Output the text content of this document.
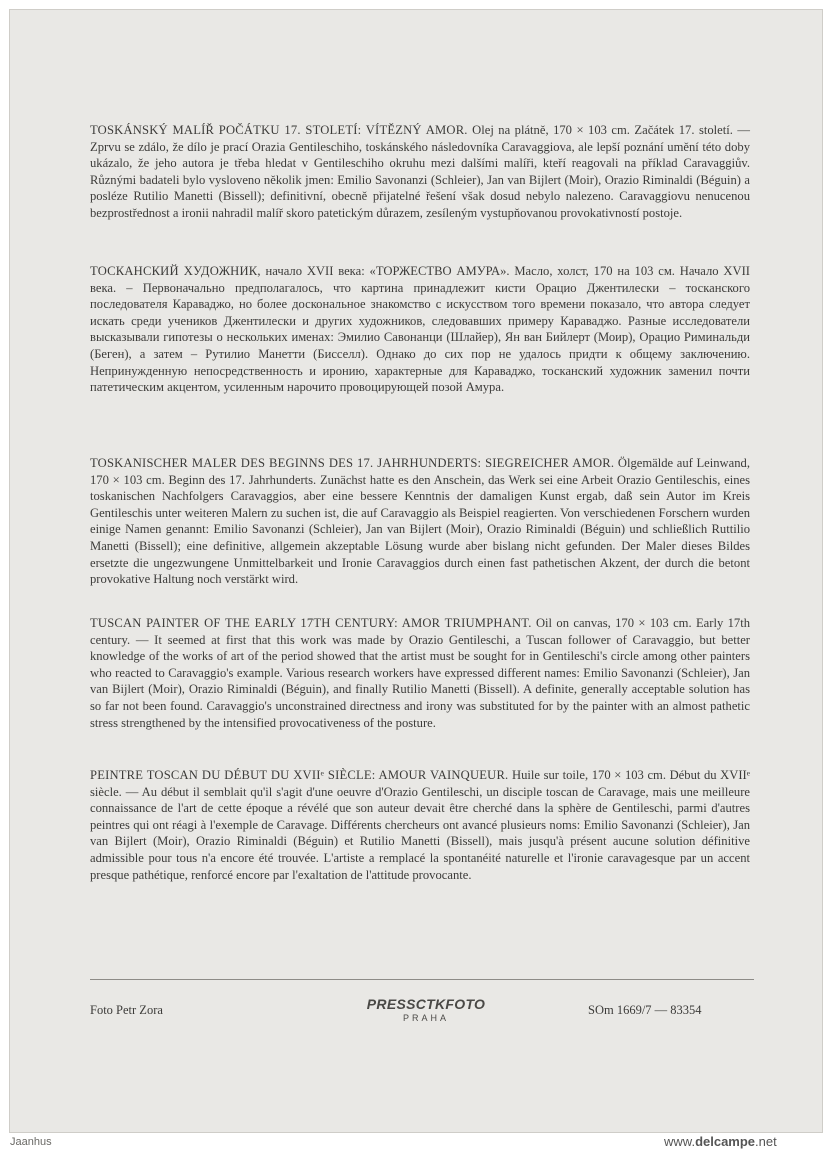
TOSKÁNSKÝ MALÍŘ POČÁTKU 17. STOLETÍ: VÍTĚZNÝ AMOR. Olej na plátně, 170 × 103 cm. Začátek 17. století. — Zprvu se zdálo, že dílo je prací Orazia Gentileschiho, toskánského následovníka Caravaggiova, ale lepší poznání umění této doby ukázalo, že jeho autora je třeba hledat v Gentileschiho okruhu mezi dalšími malíři, kteří reagovali na příklad Caravaggiův. Různými badateli bylo vysloveno několik jmen: Emilio Savonanzi (Schleier), Jan van Bijlert (Moir), Orazio Riminaldi (Béguin) a posléze Rutilio Manetti (Bissell); definitivní, obecně přijatelné řešení však dosud nebylo nalezeno. Caravaggiovu nenucenou bezprostřednost a ironii nahradil malíř skoro patetickým důrazem, zesíleným vystupňovanou provokativností postoje.

ТОСКАНСКИЙ ХУДОЖНИК, начало XVII века: «ТОРЖЕСТВО АМУРА». Масло, холст, 170 на 103 см. Начало XVII века. – Первоначально предполагалось, что картина принадлежит кисти Орацио Джентилески – тосканского последователя Караваджо, но более досконaльное знакомство с искусством того времени показало, что автора следует искать среди учеников Джентилески и других художников, следовавших примеру Караваджо. Разные исследователи высказывали гипотезы о нескольких именах: Эмилио Савонанци (Шлайер), Ян ван Бийлерт (Моир), Орацио Риминальди (Беген), а затем – Рутилио Манетти (Бисселл). Однако до сих пор не удалось придти к общему заключению. Непринужденную непосредственность и иронию, характерные для Караваджо, тосканский художник заменил почти патетическим акцентом, усиленным нарочито провоцирующей позой Амура.

TOSKANISCHER MALER DES BEGINNS DES 17. JAHRHUNDERTS: SIEGREICHER AMOR. Ölgemälde auf Leinwand, 170 × 103 cm. Beginn des 17. Jahrhunderts. Zunächst hatte es den Anschein, das Werk sei eine Arbeit Orazio Gentileschis, eines toskanischen Nachfolgers Caravaggios, aber eine bessere Kenntnis der damaligen Kunst ergab, daß sein Autor im Kreis Gentileschis unter weiteren Malern zu suchen ist, die auf Caravaggio als Beispiel reagierten. Von verschiedenen Forschern wurden einige Namen genannt: Emilio Savonanzi (Schleier), Jan van Bijlert (Moir), Orazio Riminaldi (Béguin) und schließlich Ruttilio Manetti (Bissell); eine definitive, allgemein akzeptable Lösung wurde aber bislang nicht gefunden. Der Maler dieses Bildes ersetzte die ungezwungene Unmittelbarkeit und Ironie Caravaggios durch einen fast pathetischen Akzent, der durch die betont provokative Haltung noch verstärkt wird.

TUSCAN PAINTER OF THE EARLY 17TH CENTURY: AMOR TRIUMPHANT. Oil on canvas, 170 × 103 cm. Early 17th century. — It seemed at first that this work was made by Orazio Gentileschi, a Tuscan follower of Caravaggio, but better knowledge of the works of art of the period showed that the artist must be sought for in Gentileschi's circle among other painters who reacted to Caravaggio's example. Various research workers have expressed different names: Emilio Savonanzi (Schleier), Jan van Bijlert (Moir), Orazio Riminaldi (Béguin), and finally Rutilio Manetti (Bissell). A definite, generally acceptable solution has so far not been found. Caravaggio's unconstrained directness and irony was substituted for by the painter with an almost pathetic stress strengthened by the intensified provocativeness of the posture.

PEINTRE TOSCAN DU DÉBUT DU XVIIᵉ SIÈCLE: AMOUR VAINQUEUR. Huile sur toile, 170 × 103 cm. Début du XVIIᵉ siècle. — Au début il semblait qu'il s'agit d'une oeuvre d'Orazio Gentileschi, un disciple toscan de Caravage, mais une meilleure connaissance de l'art de cette époque a révélé que son auteur devait être cherché dans la sphère de Gentileschi, parmi d'autres peintres qui ont réagi à l'exemple de Caravage. Différents chercheurs ont avancé plusieurs noms: Emilio Savonanzi (Schleier), Jan van Bijlert (Moir), Orazio Riminaldi (Béguin) et Rutilio Manetti (Bissell), mais jusqu'à présent aucune solution définitive admissible pour tous n'a encore été trouvée. L'artiste a remplacé la spontanéité naturelle et l'ironie caravagesque par un accent presque pathétique, renforcé encore par l'exaltation de l'attitude provocante.

Foto Petr Zora	PRESSCTKFOTO
PRAHA
SOm 1669/7 — 83354
Jaanhus	www.delcampe.net
